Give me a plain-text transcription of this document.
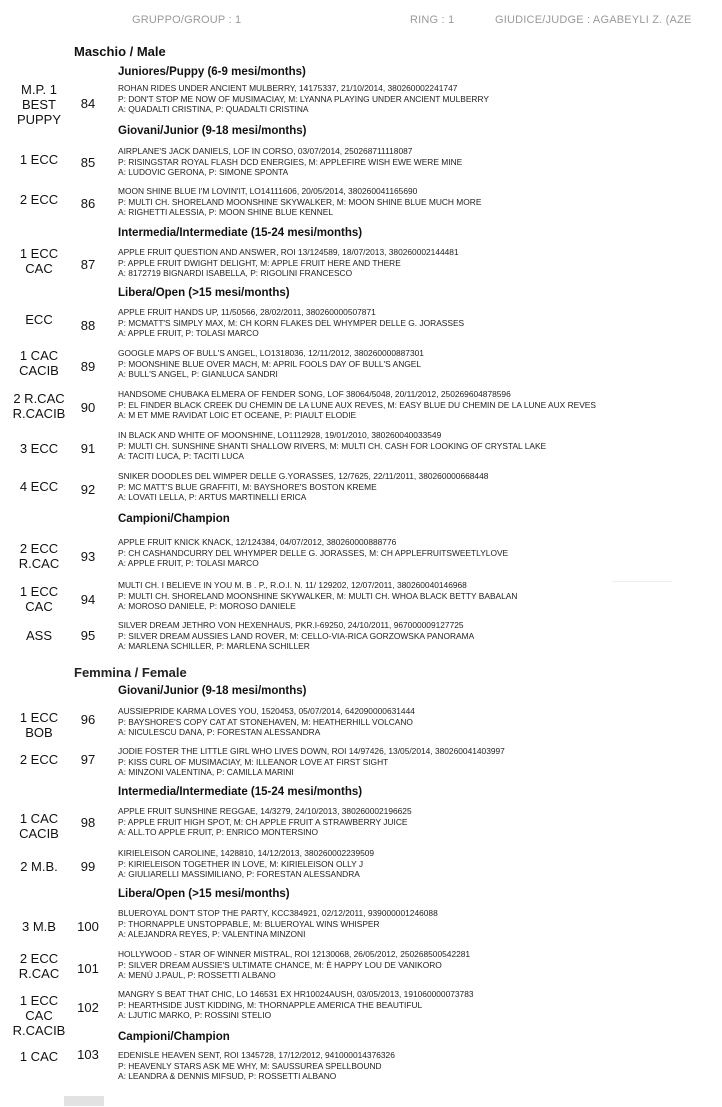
GRUPPO/GROUP : 1	RING : 1	GIUDICE/JUDGE : AGABEYLI Z. (AZE
Maschio / Male
Juniores/Puppy (6-9 mesi/months)
M.P. 1
BEST
PUPPY
84
ROHAN RIDES UNDER ANCIENT MULBERRY, 14175337, 21/10/2014, 380260002241747
P: DON'T STOP ME NOW OF MUSIMACIAY, M: LYANNA PLAYING UNDER ANCIENT MULBERRY
A: QUADALTI CRISTINA, P: QUADALTI CRISTINA
Giovani/Junior (9-18 mesi/months)
1 ECC	85
AIRPLANE'S JACK DANIELS, LOF IN CORSO, 03/07/2014, 250268711118087
P: RISINGSTAR ROYAL FLASH DCD ENERGIES, M: APPLEFIRE WISH EWE WERE MINE
A: LUDOVIC GERONA, P: SIMONE SPONTA
2 ECC	86
MOON SHINE BLUE I'M LOVIN'IT, LO14111606, 20/05/2014, 380260041165690
P: MULTI CH. SHORELAND MOONSHINE SKYWALKER, M: MOON SHINE BLUE MUCH MORE
A: RIGHETTI ALESSIA, P: MOON SHINE BLUE KENNEL
Intermedia/Intermediate (15-24 mesi/months)
1 ECC
CAC	87
APPLE FRUIT QUESTION AND ANSWER, ROI 13/124589, 18/07/2013, 380260002144481
P: APPLE FRUIT DWIGHT DELIGHT, M: APPLE FRUIT HERE AND THERE
A: 8172719 BIGNARDI ISABELLA, P: RIGOLINI FRANCESCO
Libera/Open (>15 mesi/months)
ECC	88
APPLE FRUIT HANDS UP, 11/50566, 28/02/2011, 380260000507871
P: MCMATT'S SIMPLY MAX, M: CH KORN FLAKES DEL WHYMPER DELLE G. JORASSES
A: APPLE FRUIT, P: TOLASI MARCO
1 CAC
CACIB	89
GOOGLE MAPS OF BULL'S ANGEL, LO1318036, 12/11/2012, 380260000887301
P: MOONSHINE BLUE OVER MACH, M: APRIL FOOLS DAY OF BULL'S ANGEL
A: BULL'S ANGEL, P: GIANLUCA SANDRI
2 R.CAC
R.CACIB	90
HANDSOME CHUBAKA ELMERA OF FENDER SONG, LOF 38064/5048, 20/11/2012, 250269604878596
P: EL FINDER BLACK CREEK DU CHEMIN DE LA LUNE AUX REVES, M: EASY BLUE DU CHEMIN DE LA LUNE AUX REVES
A: M ET MME RAVIDAT LOIC ET OCEANE, P: PIAULT ELODIE
3 ECC	91
IN BLACK AND WHITE OF MOONSHINE, LO1112928, 19/01/2010, 380260040033549
P: MULTI CH. SUNSHINE SHANTI SHALLOW RIVERS, M: MULTI CH. CASH FOR LOOKING OF CRYSTAL LAKE
A: TACITI LUCA, P: TACITI LUCA
4 ECC	92
SNIKER DOODLES DEL WIMPER DELLE G.YORASSES, 12/7625, 22/11/2011, 380260000668448
P: MC MATT'S BLUE GRAFFITI, M: BAYSHORE'S BOSTON KREME
A: LOVATI LELLA, P: ARTUS MARTINELLI ERICA
Campioni/Champion
2 ECC
R.CAC	93
APPLE FRUIT KNICK KNACK, 12/124384, 04/07/2012, 380260000888776
P: CH CASHANDCURRY DEL WHYMPER DELLE G. JORASSES, M: CH APPLEFRUITSWEETLYLOVE
A: APPLE FRUIT, P: TOLASI MARCO
1 ECC
CAC	94
MULTI CH. I BELIEVE IN YOU M. B . P., R.O.I. N. 11/ 129202, 12/07/2011, 380260040146968
P: MULTI CH. SHORELAND MOONSHINE SKYWALKER, M: MULTI CH. WHOA BLACK BETTY BABALAN
A: MOROSO DANIELE, P: MOROSO DANIELE
ASS	95
SILVER DREAM JETHRO VON HEXENHAUS, PKR.I-69250, 24/10/2011, 967000009127725
P: SILVER DREAM AUSSIES LAND ROVER, M: CELLO-VIA-RICA GORZOWSKA PANORAMA
A: MARLENA SCHILLER, P: MARLENA SCHILLER
Femmina / Female
Giovani/Junior (9-18 mesi/months)
1 ECC
BOB
96
AUSSIEPRIDE KARMA LOVES YOU, 1520453, 05/07/2014, 642090000631444
P: BAYSHORE'S COPY CAT AT STONEHAVEN, M: HEATHERHILL VOLCANO
A: NICULESCU DANA, P: FORESTAN ALESSANDRA
2 ECC	97
JODIE FOSTER THE LITTLE GIRL WHO LIVES DOWN, ROI 14/97426, 13/05/2014, 380260041403997
P: KISS CURL OF MUSIMACIAY, M: ILLEANOR LOVE AT FIRST SIGHT
A: MINZONI VALENTINA, P: CAMILLA MARINI
Intermedia/Intermediate (15-24 mesi/months)
1 CAC
CACIB
98
APPLE FRUIT SUNSHINE REGGAE, 14/3279, 24/10/2013, 380260002196625
P: APPLE FRUIT HIGH SPOT, M: CH APPLE FRUIT A STRAWBERRY JUICE
A: ALL.TO APPLE FRUIT, P: ENRICO MONTERSINO
2 M.B.	99
KIRIELEISON CAROLINE, 1428810, 14/12/2013, 380260002239509
P: KIRIELEISON TOGETHER IN LOVE, M: KIRIELEISON OLLY J
A: GIULIARELLI MASSIMILIANO, P: FORESTAN ALESSANDRA
Libera/Open (>15 mesi/months)
3 M.B	100
BLUEROYAL DON'T STOP THE PARTY, KCC384921, 02/12/2011, 939000001246088
P: THORNAPPLE UNSTOPPABLE, M: BLUEROYAL WINS WHISPER
A: ALEJANDRA REYES, P: VALENTINA MINZONI
2 ECC
R.CAC	101
HOLLYWOOD - STAR OF WINNER MISTRAL, ROI 12130068, 26/05/2012, 250268500542281
P: SILVER DREAM AUSSIE'S ULTIMATE CHANCE, M: È HAPPY LOU DE VANIKORO
A: MENÙ J.PAUL, P: ROSSETTI ALBANO
1 ECC
CAC
R.CACIB
102
MANGRY S BEAT THAT CHIC, LO 146531 EX HR10024AUSH, 03/05/2013, 191060000073783
P: HEARTHSIDE JUST KIDDING, M: THORNAPPLE AMERICA THE BEAUTIFUL
A: LJUTIC MARKO, P: ROSSINI STELIO
Campioni/Champion
1 CAC	103	EDENISLE HEAVEN SENT, ROI 1345728, 17/12/2012, 941000014376326
P: HEAVENLY STARS ASK ME WHY, M: SAUSSUREA SPELLBOUND
A: LEANDRA & DENNIS MIFSUD, P: ROSSETTI ALBANO
